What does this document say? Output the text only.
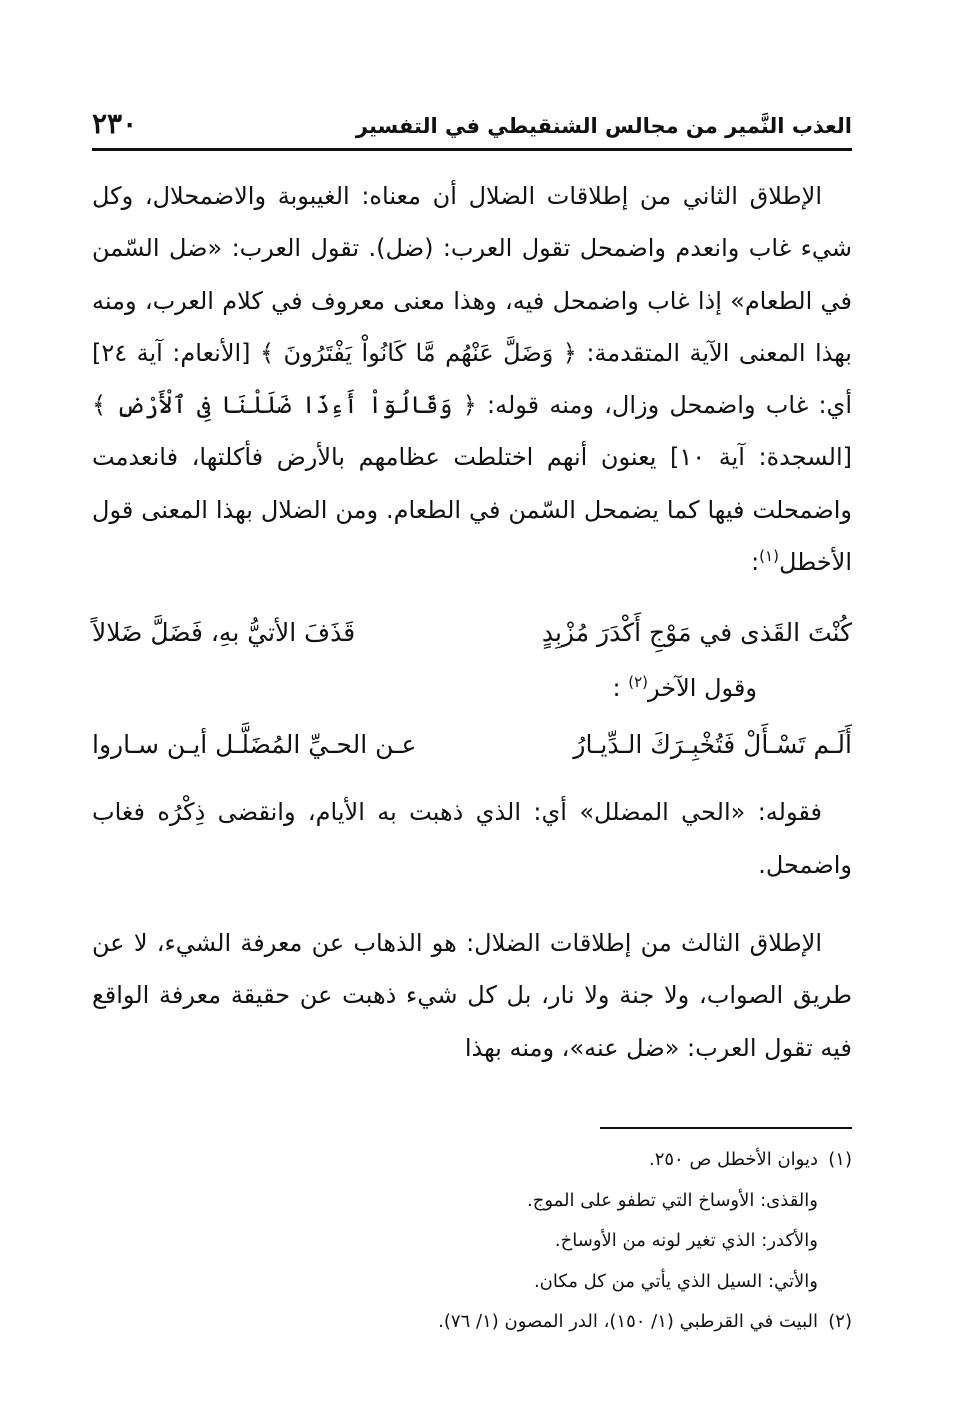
٢٣٠	العذب النَّمير من مجالس الشنقيطي في التفسير

الإطلاق الثاني من إطلاقات الضلال أن معناه: الغيبوبة والاضمحلال، وكل شيء غاب وانعدم واضمحل تقول العرب: (ضل). تقول العرب: «ضل السّمن في الطعام» إذا غاب واضمحل فيه، وهذا معنى معروف في كلام العرب، ومنه بهذا المعنى الآية المتقدمة: ﴿ وَضَلَّ عَنْهُم مَّا كَانُواْ يَفْتَرُونَ ﴾ [الأنعام: آية ٢٤] أي: غاب واضمحل وزال، ومنه قوله: ﴿ وَقَالُوٓاْ أَءِذَا ضَلَلْنَا فِى ٱلْأَرْضِ ﴾ [السجدة: آية ١٠] يعنون أنهم اختلطت عظامهم بالأرض فأكلتها، فانعدمت واضمحلت فيها كما يضمحل السّمن في الطعام. ومن الضلال بهذا المعنى قول الأخطل$^{(١)}$:

كُنْتَ القَذى في مَوْجِ أَكْدَرَ مُزْبِدٍ
قَذَفَ الأتيُّ بهِ، فَضَلَّ ضَلالاً

وقول الآخر$^{(٢)}$ :

أَلَـم تَسْـأَلْ فَتُخْبِـرَكَ الـدِّيـارُ
عـن الحـيِّ المُضَلَّـل أيـن سـاروا

فقوله: «الحي المضلل» أي: الذي ذهبت به الأيام، وانقضى ذِكْرُه فغاب واضمحل.

الإطلاق الثالث من إطلاقات الضلال: هو الذهاب عن معرفة الشيء، لا عن طريق الصواب، ولا جنة ولا نار، بل كل شيء ذهبت عن حقيقة معرفة الواقع فيه تقول العرب: «ضل عنه»، ومنه بهذا

(١)ديوان الأخطل ص ٢٥٠.

والقذى: الأوساخ التي تطفو على الموج.

والأكدر: الذي تغير لونه من الأوساخ.

والأتي: السيل الذي يأتي من كل مكان.

(٢)البيت في القرطبي (١/ ١٥٠)، الدر المصون (١/ ٧٦).
